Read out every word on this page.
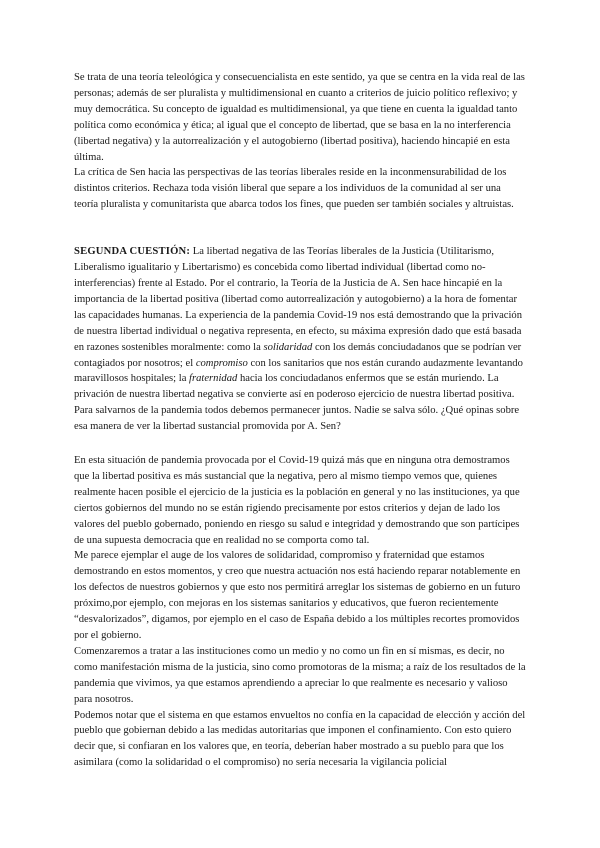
Se trata de una teoría teleológica y consecuencialista en este sentido, ya que se centra en la vida real de las personas; además de ser pluralista y multidimensional en cuanto a criterios de juicio político reflexivo; y muy democrática. Su concepto de igualdad es multidimensional, ya que tiene en cuenta la igualdad tanto política como económica y ética; al igual que el concepto de libertad, que se basa en la no interferencia (libertad negativa) y la autorrealización y el autogobierno (libertad positiva), haciendo hincapié en esta última.

La crítica de Sen hacia las perspectivas de las teorías liberales reside en la inconmensurabilidad de los distintos criterios. Rechaza toda visión liberal que separe a los individuos de la comunidad al ser una teoría pluralista y comunitarista que abarca todos los fines, que pueden ser también sociales y altruistas.

SEGUNDA CUESTIÓN: La libertad negativa de las Teorías liberales de la Justicia (Utilitarismo, Liberalismo igualitario y Libertarismo) es concebida como libertad individual (libertad como no-interferencias) frente al Estado. Por el contrario, la Teoría de la Justicia de A. Sen hace hincapié en la importancia de la libertad positiva (libertad como autorrealización y autogobierno) a la hora de fomentar las capacidades humanas. La experiencia de la pandemia Covid-19 nos está demostrando que la privación de nuestra libertad individual o negativa representa, en efecto, su máxima expresión dado que está basada en razones sostenibles moralmente: como la solidaridad con los demás conciudadanos que se podrían ver contagiados por nosotros; el compromiso con los sanitarios que nos están curando audazmente levantando maravillosos hospitales; la fraternidad hacia los conciudadanos enfermos que se están muriendo. La privación de nuestra libertad negativa se convierte así en poderoso ejercicio de nuestra libertad positiva. Para salvarnos de la pandemia todos debemos permanecer juntos. Nadie se salva sólo. ¿Qué opinas sobre esa manera de ver la libertad sustancial promovida por A. Sen?

En esta situación de pandemia provocada por el Covid-19 quizá más que en ninguna otra demostramos que la libertad positiva es más sustancial que la negativa, pero al mismo tiempo vemos que, quienes realmente hacen posible el ejercicio de la justicia es la población en general y no las instituciones, ya que ciertos gobiernos del mundo no se están rigiendo precisamente por estos criterios y dejan de lado los valores del pueblo gobernado, poniendo en riesgo su salud e integridad y demostrando que son partícipes de una supuesta democracia que en realidad no se comporta como tal.

Me parece ejemplar el auge de los valores de solidaridad, compromiso y fraternidad que estamos demostrando en estos momentos, y creo que nuestra actuación nos está haciendo reparar notablemente en los defectos de nuestros gobiernos y que esto nos permitirá arreglar los sistemas de gobierno en un futuro próximo,por ejemplo, con mejoras en los sistemas sanitarios y educativos, que fueron recientemente “desvalorizados”, digamos, por ejemplo en el caso de España debido a los múltiples recortes promovidos por el gobierno.

Comenzaremos a tratar a las instituciones como un medio y no como un fin en sí mismas, es decir, no como manifestación misma de la justicia, sino como promotoras de la misma; a raíz de los resultados de la pandemia que vivimos, ya que estamos aprendiendo a apreciar lo que realmente es necesario y valioso para nosotros.

Podemos notar que el sistema en que estamos envueltos no confía en la capacidad de elección y acción del pueblo que gobiernan debido a las medidas autoritarias que imponen el confinamiento. Con esto quiero decir que, si confiaran en los valores que, en teoría, deberían haber mostrado a su pueblo para que los asimilara (como la solidaridad o el compromiso) no sería necesaria la vigilancia policial
